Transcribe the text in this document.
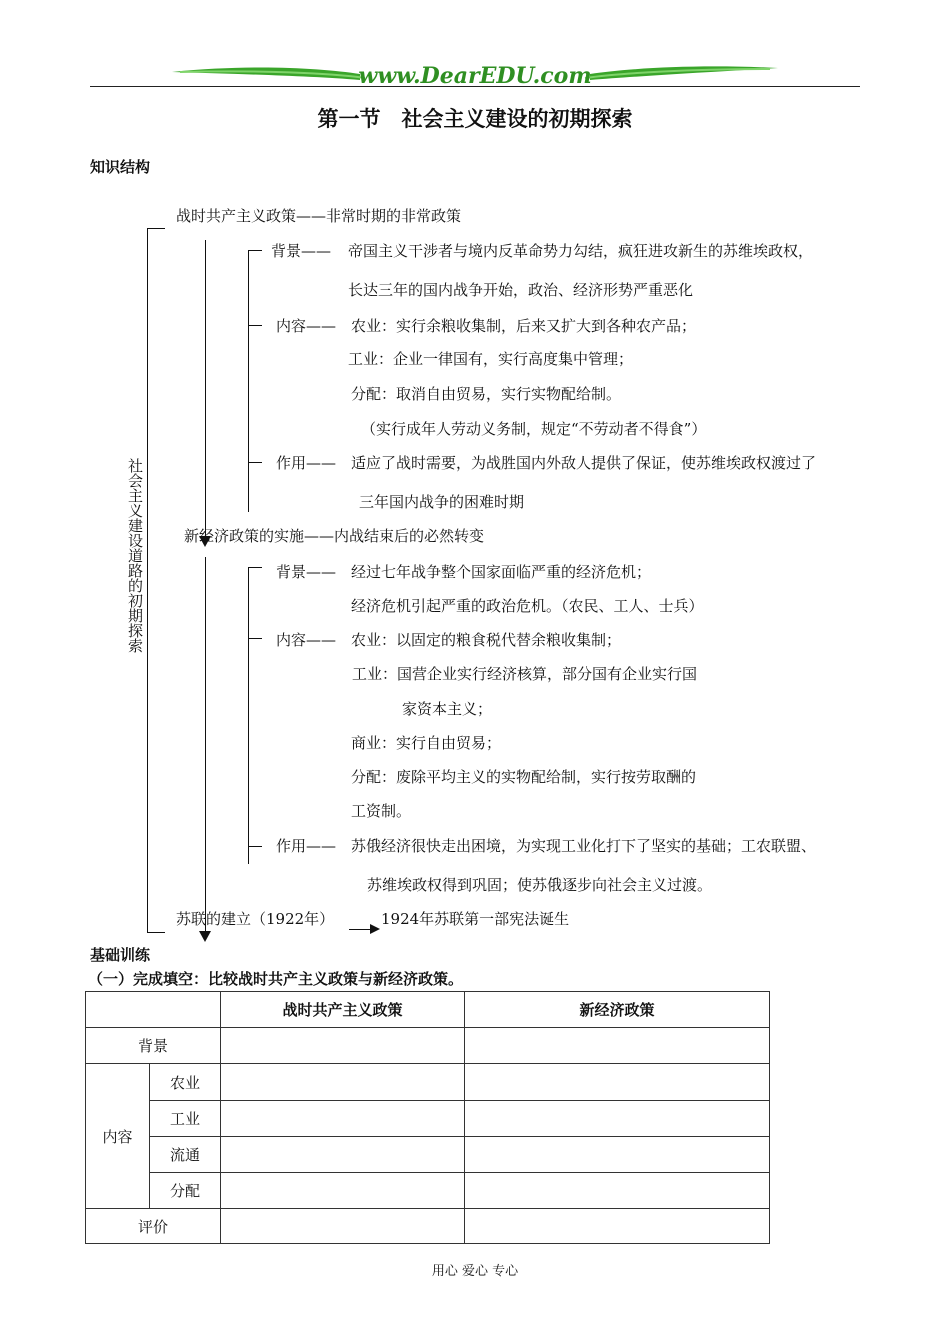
www.DearEDU.com
第一节　社会主义建设的初期探索
知识结构
社会主义建设道路的初期探索
战时共产主义政策——非常时期的非常政策
背景—— 帝国主义干涉者与境内反革命势力勾结，疯狂进攻新生的苏维埃政权，
长达三年的国内战争开始，政治、经济形势严重恶化
内容—— 农业：实行余粮收集制，后来又扩大到各种农产品；
工业：企业一律国有，实行高度集中管理；
分配：取消自由贸易，实行实物配给制。
（实行成年人劳动义务制，规定“不劳动者不得食”）
作用—— 适应了战时需要，为战胜国内外敌人提供了保证，使苏维埃政权渡过了
三年国内战争的困难时期
新经济政策的实施——内战结束后的必然转变
背景—— 经过七年战争整个国家面临严重的经济危机；
经济危机引起严重的政治危机。（农民、工人、士兵）
内容—— 农业：以固定的粮食税代替余粮收集制；
工业：国营企业实行经济核算，部分国有企业实行国
家资本主义；
商业：实行自由贸易；
分配：废除平均主义的实物配给制，实行按劳取酬的
工资制。
作用—— 苏俄经济很快走出困境，为实现工业化打下了坚实的基础；工农联盟、
苏维埃政权得到巩固；使苏俄逐步向社会主义过渡。
苏联的建立（1922年）	1924年苏联第一部宪法诞生
基础训练
（一）完成填空：比较战时共产主义政策与新经济政策。
		战时共产主义政策	新经济政策
背景			
内容	农业		
	工业		
	流通		
	分配		
评价			
用心 爱心 专心
